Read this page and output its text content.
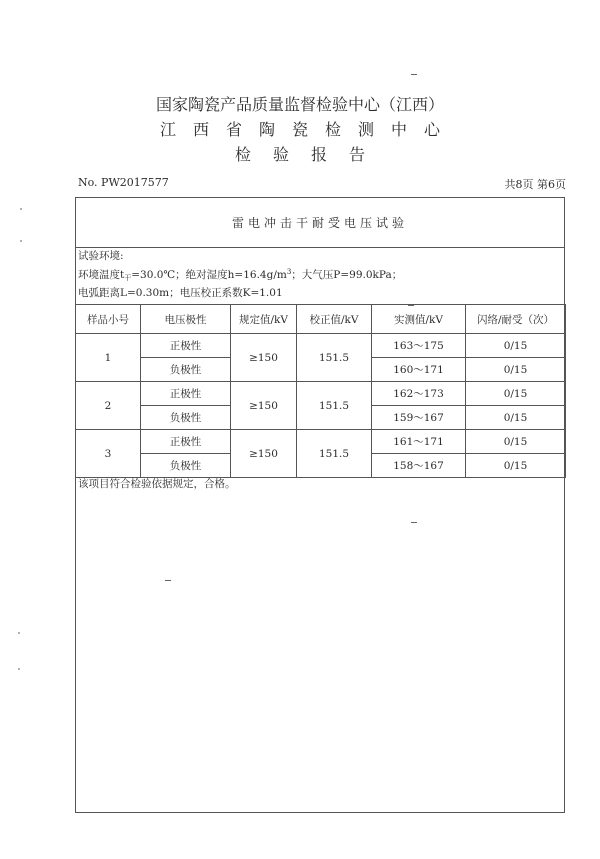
国家陶瓷产品质量监督检验中心（江西）
江西省陶瓷检测中心
检验报告
No. PW2017577	共8页 第6页
雷电冲击干耐受电压试验
试验环境:
环境温度$t_干=30.0℃$；绝对湿度$h=16.4g/m^3$；大气压P=99.0kPa；
电弧距离L=0.30m；电压校正系数K=1.01
样品小号	电压极性	规定值/kV	校正值/kV	实测值/kV	闪络/耐受（次）
1	正极性	≥150	151.5	163～175	0/15
	负极性			160～171	0/15
2	正极性	≥150	151.5	162～173	0/15
	负极性			159～167	0/15
3	正极性	≥150	151.5	161～171	0/15
	负极性			158～167	0/15
该项目符合检验依据规定，合格。
